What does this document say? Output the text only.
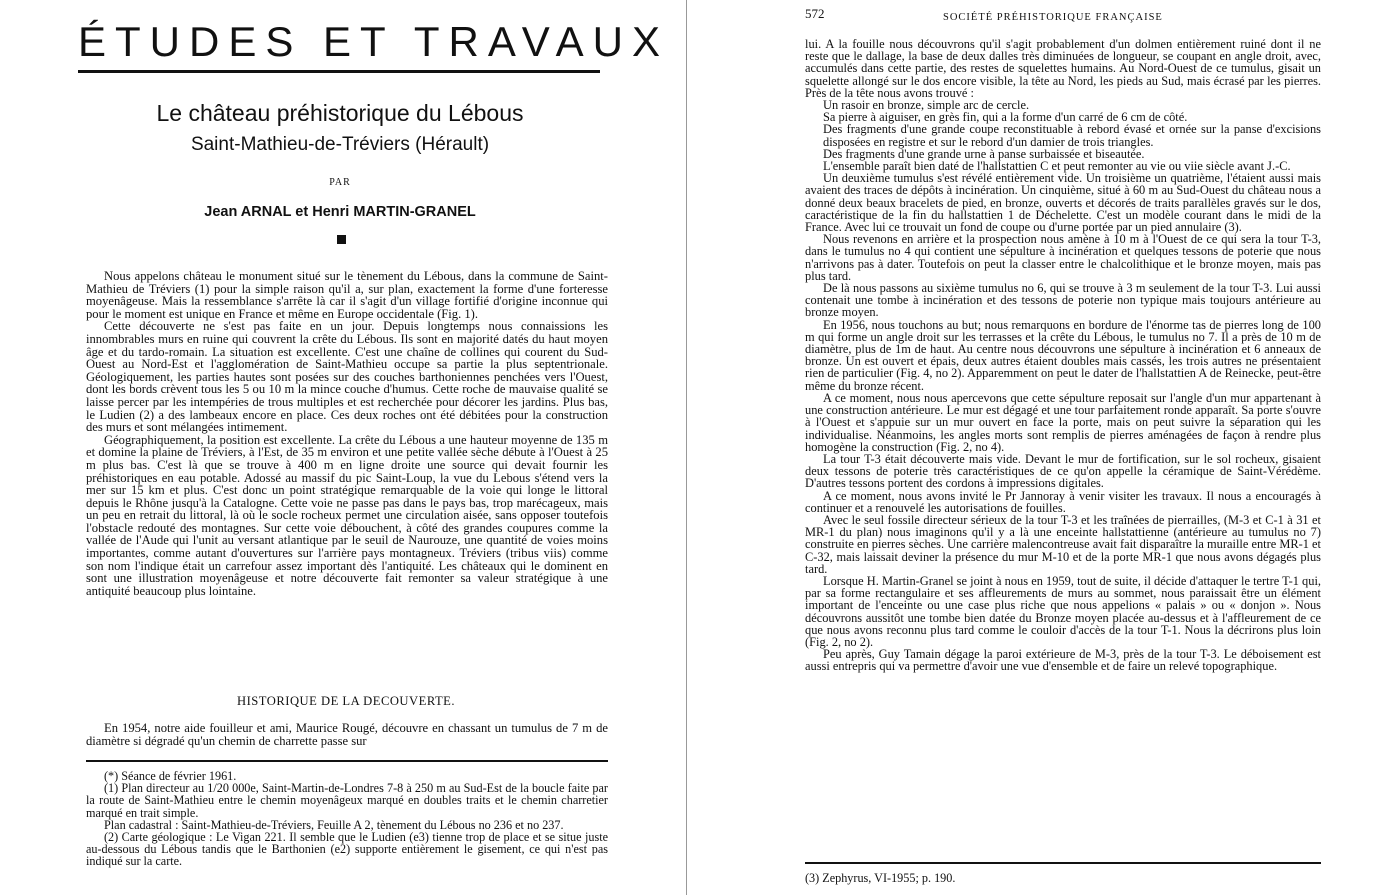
ÉTUDES ET TRAVAUX
Le château préhistorique du Lébous
Saint-Mathieu-de-Tréviers (Hérault)
PAR
Jean ARNAL et Henri MARTIN-GRANEL

Nous appelons château le monument situé sur le tènement du Lébous, dans la commune de Saint-Mathieu de Tréviers (1) pour la simple raison qu'il a, sur plan, exactement la forme d'une forteresse moyenâgeuse. Mais la ressemblance s'arrête là car il s'agit d'un village fortifié d'origine inconnue qui pour le moment est unique en France et même en Europe occidentale (Fig. 1).

Cette découverte ne s'est pas faite en un jour. Depuis longtemps nous connaissions les innombrables murs en ruine qui couvrent la crête du Lébous. Ils sont en majorité datés du haut moyen âge et du tardo-romain. La situation est excellente. C'est une chaîne de collines qui courent du Sud-Ouest au Nord-Est et l'agglomération de Saint-Mathieu occupe sa partie la plus septentrionale. Géologiquement, les parties hautes sont posées sur des couches barthoniennes penchées vers l'Ouest, dont les bords crèvent tous les 5 ou 10 m la mince couche d'humus. Cette roche de mauvaise qualité se laisse percer par les intempéries de trous multiples et est recherchée pour décorer les jardins. Plus bas, le Ludien (2) a des lambeaux encore en place. Ces deux roches ont été débitées pour la construction des murs et sont mélangées intimement.

Géographiquement, la position est excellente. La crête du Lébous a une hauteur moyenne de 135 m et domine la plaine de Tréviers, à l'Est, de 35 m environ et une petite vallée sèche débute à l'Ouest à 25 m plus bas. C'est là que se trouve à 400 m en ligne droite une source qui devait fournir les préhistoriques en eau potable. Adossé au massif du pic Saint-Loup, la vue du Lebous s'étend vers la mer sur 15 km et plus. C'est donc un point stratégique remarquable de la voie qui longe le littoral depuis le Rhône jusqu'à la Catalogne. Cette voie ne passe pas dans le pays bas, trop marécageux, mais un peu en retrait du littoral, là où le socle rocheux permet une circulation aisée, sans opposer toutefois l'obstacle redouté des montagnes. Sur cette voie débouchent, à côté des grandes coupures comme la vallée de l'Aude qui l'unit au versant atlantique par le seuil de Naurouze, une quantité de voies moins importantes, comme autant d'ouvertures sur l'arrière pays montagneux. Tréviers (tribus viis) comme son nom l'indique était un carrefour assez important dès l'antiquité. Les châteaux qui le dominent en sont une illustration moyenâgeuse et notre découverte fait remonter sa valeur stratégique à une antiquité beaucoup plus lointaine.

HISTORIQUE DE LA DECOUVERTE.

En 1954, notre aide fouilleur et ami, Maurice Rougé, découvre en chassant un tumulus de 7 m de diamètre si dégradé qu'un chemin de charrette passe sur

(*) Séance de février 1961.

(1) Plan directeur au 1/20 000e, Saint-Martin-de-Londres 7-8 à 250 m au Sud-Est de la boucle faite par la route de Saint-Mathieu entre le chemin moyenâgeux marqué en doubles traits et le chemin charretier marqué en trait simple.

Plan cadastral : Saint-Mathieu-de-Tréviers, Feuille A 2, tènement du Lébous no 236 et no 237.

(2) Carte géologique : Le Vigan 221. Il semble que le Ludien (e3) tienne trop de place et se situe juste au-dessous du Lébous tandis que le Barthonien (e2) supporte entièrement le gisement, ce qui n'est pas indiqué sur la carte.

572	SOCIÉTÉ PRÉHISTORIQUE FRANÇAISE

lui. A la fouille nous découvrons qu'il s'agit probablement d'un dolmen entièrement ruiné dont il ne reste que le dallage, la base de deux dalles très diminuées de longueur, se coupant en angle droit, avec, accumulés dans cette partie, des restes de squelettes humains. Au Nord-Ouest de ce tumulus, gisait un squelette allongé sur le dos encore visible, la tête au Nord, les pieds au Sud, mais écrasé par les pierres. Près de la tête nous avons trouvé :

Un rasoir en bronze, simple arc de cercle.

Sa pierre à aiguiser, en grès fin, qui a la forme d'un carré de 6 cm de côté.

Des fragments d'une grande coupe reconstituable à rebord évasé et ornée sur la panse d'excisions disposées en registre et sur le rebord d'un damier de trois triangles.

Des fragments d'une grande urne à panse surbaissée et biseautée.

L'ensemble paraît bien daté de l'hallstattien C et peut remonter au vie ou viie siècle avant J.-C.

Un deuxième tumulus s'est révélé entièrement vide. Un troisième un quatrième, l'étaient aussi mais avaient des traces de dépôts à incinération. Un cinquième, situé à 60 m au Sud-Ouest du château nous a donné deux beaux bracelets de pied, en bronze, ouverts et décorés de traits parallèles gravés sur le dos, caractéristique de la fin du hallstattien 1 de Déchelette. C'est un modèle courant dans le midi de la France. Avec lui ce trouvait un fond de coupe ou d'urne portée par un pied annulaire (3).

Nous revenons en arrière et la prospection nous amène à 10 m à l'Ouest de ce qui sera la tour T-3, dans le tumulus no 4 qui contient une sépulture à incinération et quelques tessons de poterie que nous n'arrivons pas à dater. Toutefois on peut la classer entre le chalcolithique et le bronze moyen, mais pas plus tard.

De là nous passons au sixième tumulus no 6, qui se trouve à 3 m seulement de la tour T-3. Lui aussi contenait une tombe à incinération et des tessons de poterie non typique mais toujours antérieure au bronze moyen.

En 1956, nous touchons au but; nous remarquons en bordure de l'énorme tas de pierres long de 100 m qui forme un angle droit sur les terrasses et la crête du Lébous, le tumulus no 7. Il a près de 10 m de diamètre, plus de 1m de haut. Au centre nous découvrons une sépulture à incinération et 6 anneaux de bronze. Un est ouvert et épais, deux autres étaient doubles mais cassés, les trois autres ne présentaient rien de particulier (Fig. 4, no 2). Apparemment on peut le dater de l'hallstattien A de Reinecke, peut-être même du bronze récent.

A ce moment, nous nous apercevons que cette sépulture reposait sur l'angle d'un mur appartenant à une construction antérieure. Le mur est dégagé et une tour parfaitement ronde apparaît. Sa porte s'ouvre à l'Ouest et s'appuie sur un mur ouvert en face la porte, mais on peut suivre la séparation qui les individualise. Néanmoins, les angles morts sont remplis de pierres aménagées de façon à rendre plus homogène la construction (Fig. 2, no 4).

La tour T-3 était découverte mais vide. Devant le mur de fortification, sur le sol rocheux, gisaient deux tessons de poterie très caractéristiques de ce qu'on appelle la céramique de Saint-Vérédème. D'autres tessons portent des cordons à impressions digitales.

A ce moment, nous avons invité le Pr Jannoray à venir visiter les travaux. Il nous a encouragés à continuer et a renouvelé les autorisations de fouilles.

Avec le seul fossile directeur sérieux de la tour T-3 et les traînées de pierrailles, (M-3 et C-1 à 31 et MR-1 du plan) nous imaginons qu'il y a là une enceinte hallstattienne (antérieure au tumulus no 7) construite en pierres sèches. Une carrière malencontreuse avait fait disparaître la muraille entre MR-1 et C-32, mais laissait deviner la présence du mur M-10 et de la porte MR-1 que nous avons dégagés plus tard.

Lorsque H. Martin-Granel se joint à nous en 1959, tout de suite, il décide d'attaquer le tertre T-1 qui, par sa forme rectangulaire et ses affleurements de murs au sommet, nous paraissait être un élément important de l'enceinte ou une case plus riche que nous appelions « palais » ou « donjon ». Nous découvrons aussitôt une tombe bien datée du Bronze moyen placée au-dessus et à l'affleurement de ce que nous avons reconnu plus tard comme le couloir d'accès de la tour T-1. Nous la décrirons plus loin (Fig. 2, no 2).

Peu après, Guy Tamain dégage la paroi extérieure de M-3, près de la tour T-3. Le déboisement est aussi entrepris qui va permettre d'avoir une vue d'ensemble et de faire un relevé topographique.

(3) Zephyrus, VI-1955; p. 190.
